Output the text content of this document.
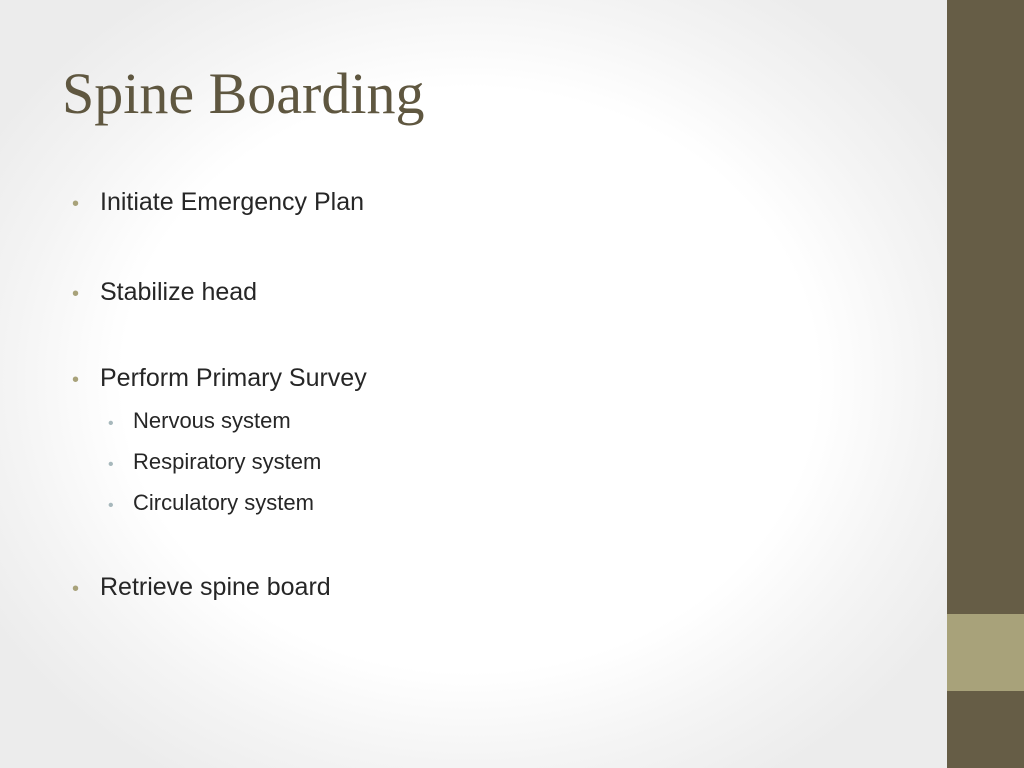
Spine Boarding
• Initiate Emergency Plan
• Stabilize head
• Perform Primary Survey
• Nervous system
• Respiratory system
• Circulatory system
• Retrieve spine board
